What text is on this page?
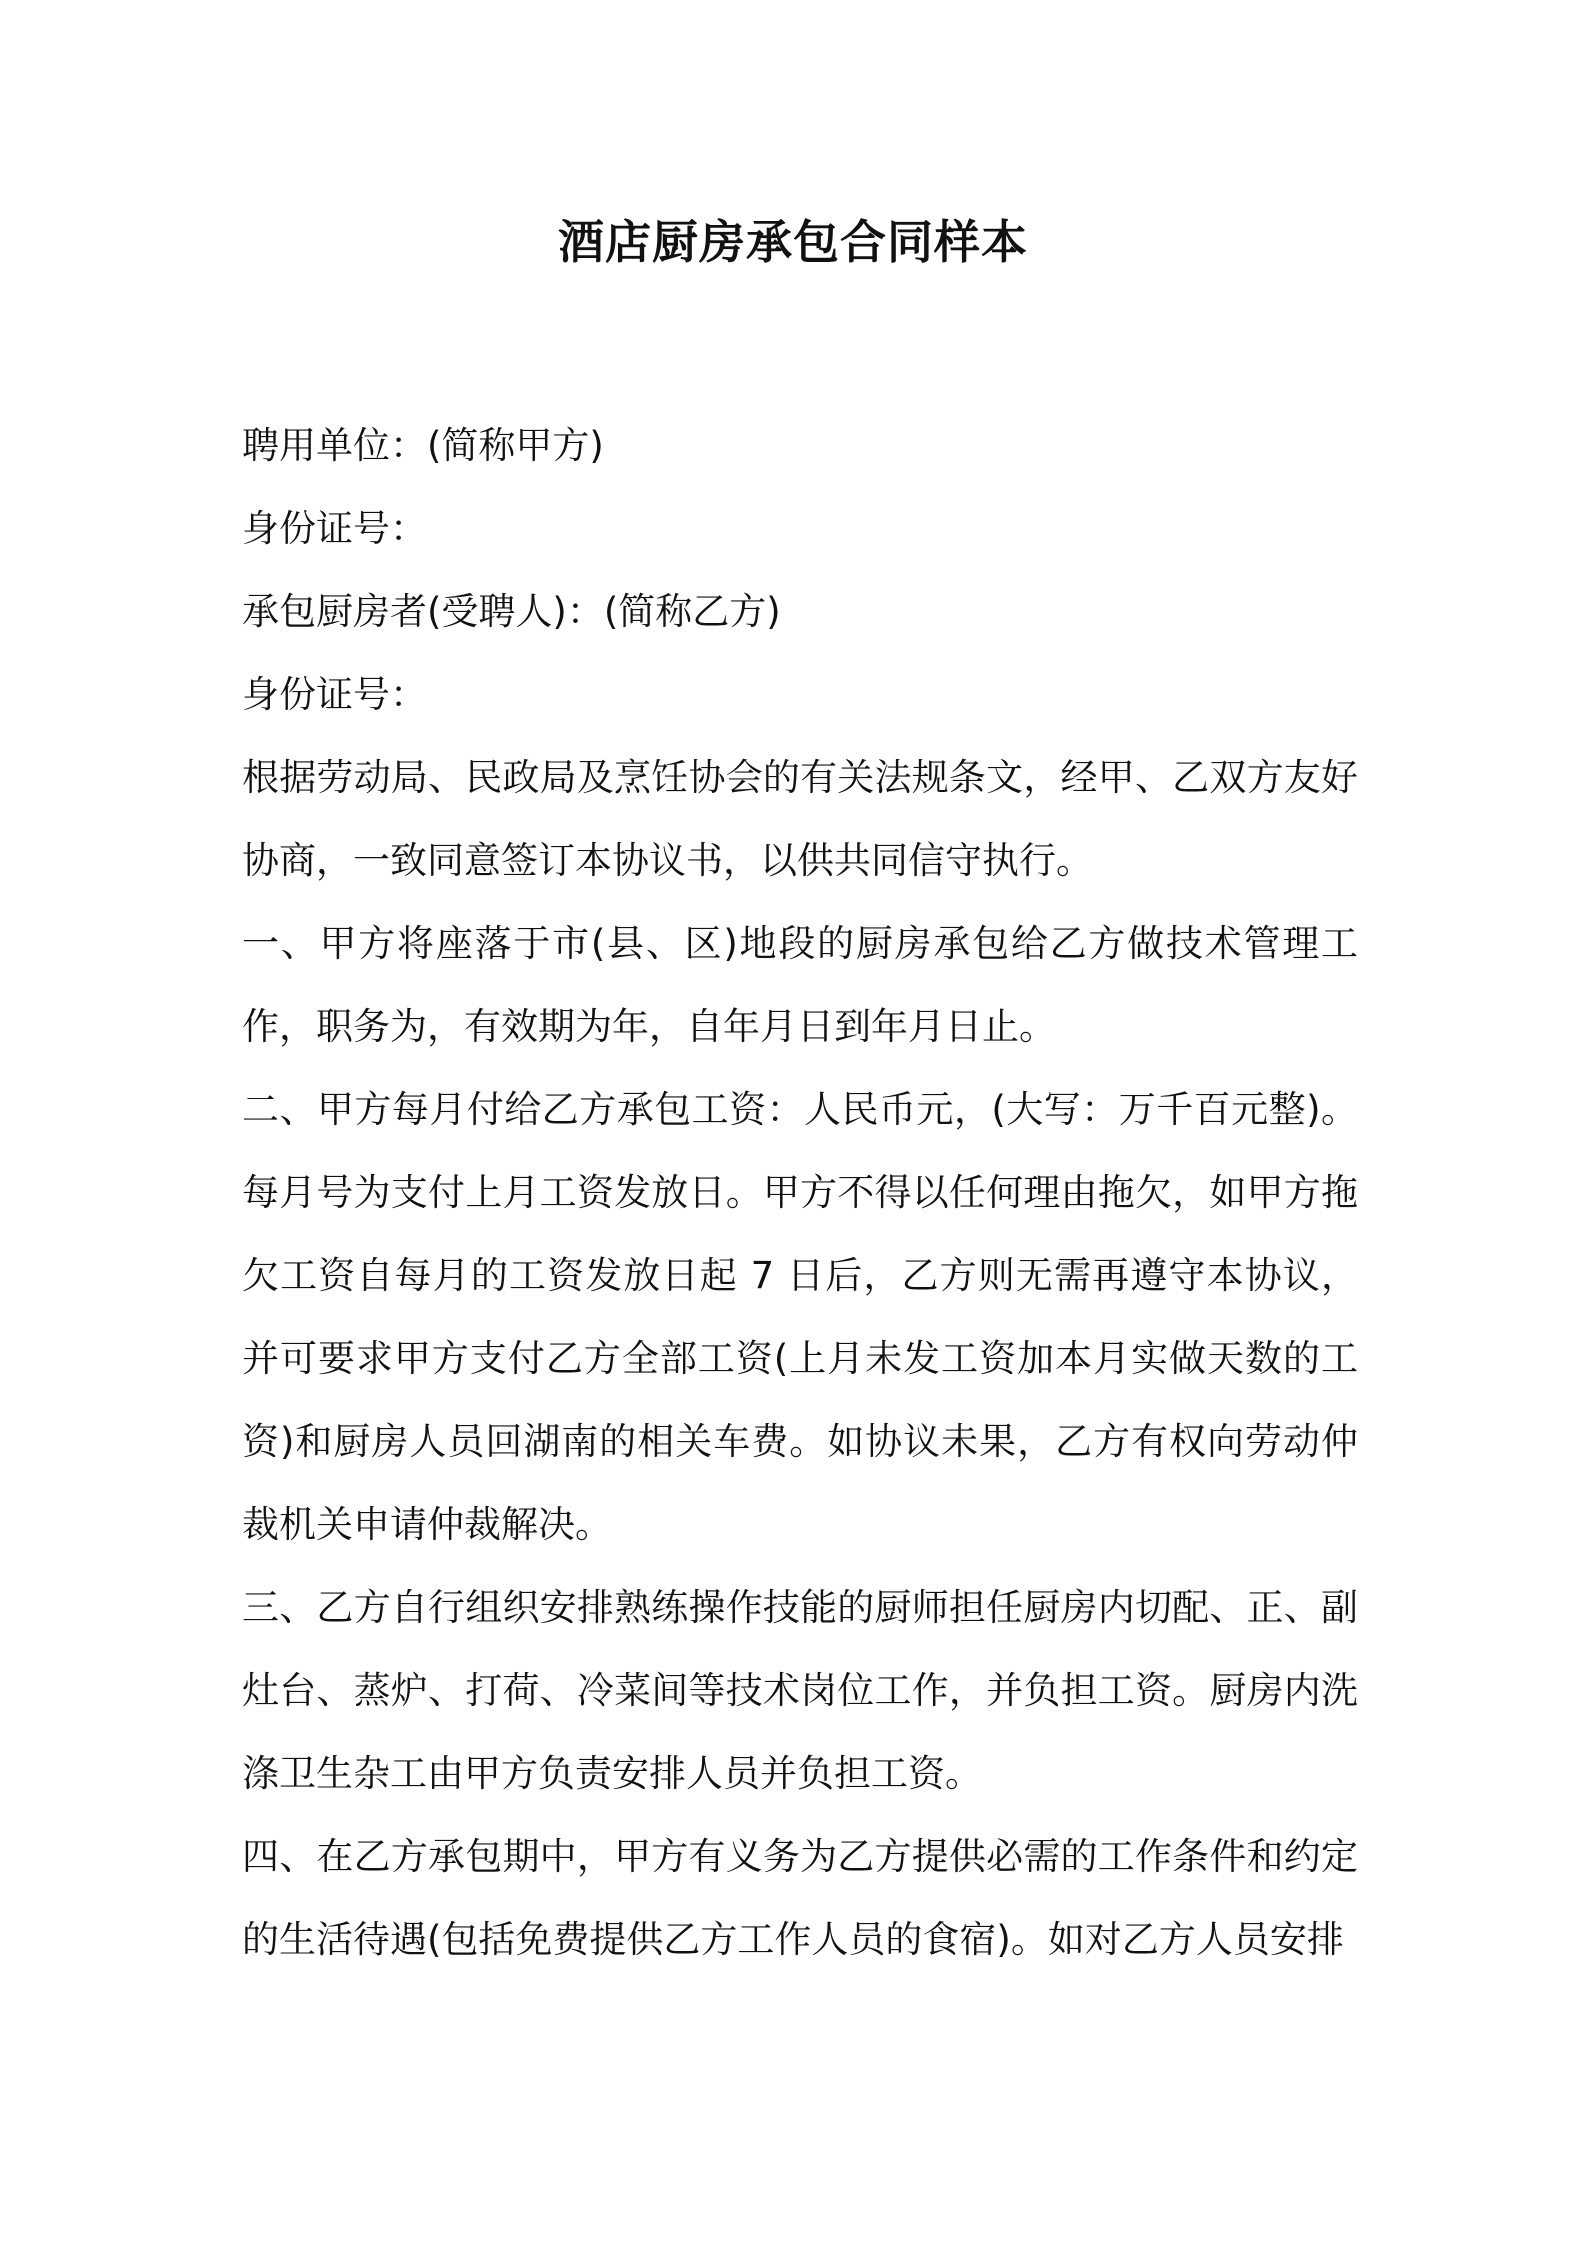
酒店厨房承包合同样本

聘用单位：(简称甲方)

身份证号：

承包厨房者(受聘人)：(简称乙方)

身份证号：

根据劳动局、民政局及烹饪协会的有关法规条文，经甲、乙双方友好协商，一致同意签订本协议书，以供共同信守执行。

一、甲方将座落于市(县、区)地段的厨房承包给乙方做技术管理工作，职务为，有效期为年，自年月日到年月日止。

二、甲方每月付给乙方承包工资：人民币元，(大写：万千百元整)。每月号为支付上月工资发放日。甲方不得以任何理由拖欠，如甲方拖欠工资自每月的工资发放日起 7 日后，乙方则无需再遵守本协议，并可要求甲方支付乙方全部工资(上月未发工资加本月实做天数的工资)和厨房人员回湖南的相关车费。如协议未果，乙方有权向劳动仲裁机关申请仲裁解决。

三、乙方自行组织安排熟练操作技能的厨师担任厨房内切配、正、副灶台、蒸炉、打荷、冷菜间等技术岗位工作，并负担工资。厨房内洗涤卫生杂工由甲方负责安排人员并负担工资。

四、在乙方承包期中，甲方有义务为乙方提供必需的工作条件和约定的生活待遇(包括免费提供乙方工作人员的食宿)。如对乙方人员安排
